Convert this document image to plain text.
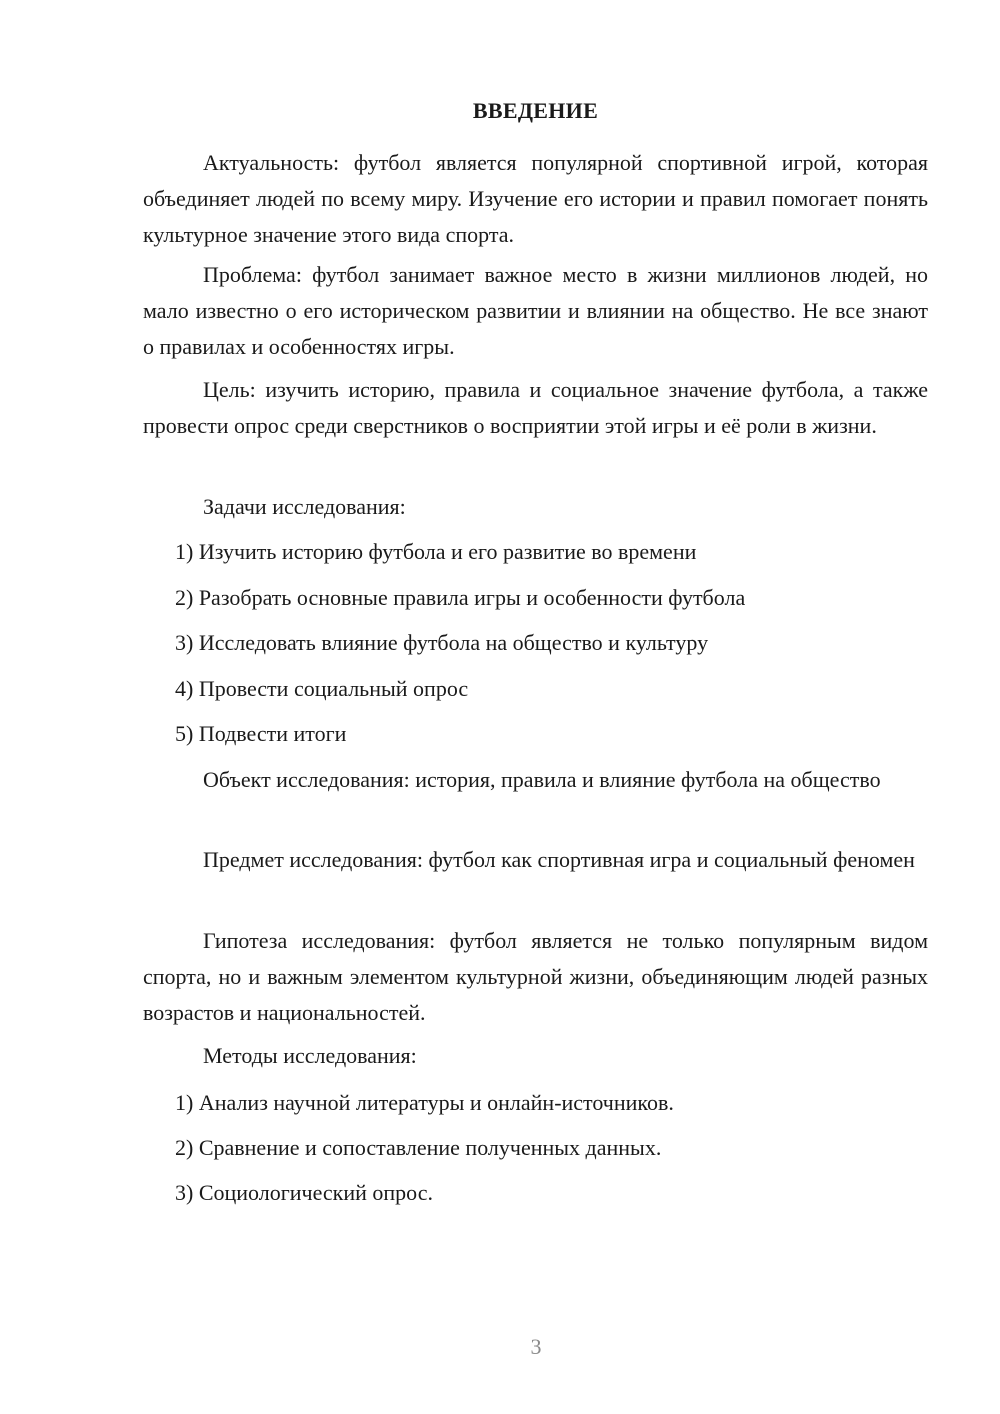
ВВЕДЕНИЕ

Актуальность: футбол является популярной спортивной игрой, которая объединяет людей по всему миру. Изучение его истории и правил помогает понять культурное значение этого вида спорта.

Проблема: футбол занимает важное место в жизни миллионов людей, но мало известно о его историческом развитии и влиянии на общество. Не все знают о правилах и особенностях игры.

Цель: изучить историю, правила и социальное значение футбола, а также провести опрос среди сверстников о восприятии этой игры и её роли в жизни.

Задачи исследования:

1) Изучить историю футбола и его развитие во времени

2) Разобрать основные правила игры и особенности футбола

3) Исследовать влияние футбола на общество и культуру

4) Провести социальный опрос

5) Подвести итоги

Объект исследования: история, правила и влияние футбола на общество

Предмет исследования: футбол как спортивная игра и социальный феномен

Гипотеза исследования: футбол является не только популярным видом спорта, но и важным элементом культурной жизни, объединяющим людей разных возрастов и национальностей.

Методы исследования:

1) Анализ научной литературы и онлайн-источников.

2) Сравнение и сопоставление полученных данных.

3) Социологический опрос.

3
